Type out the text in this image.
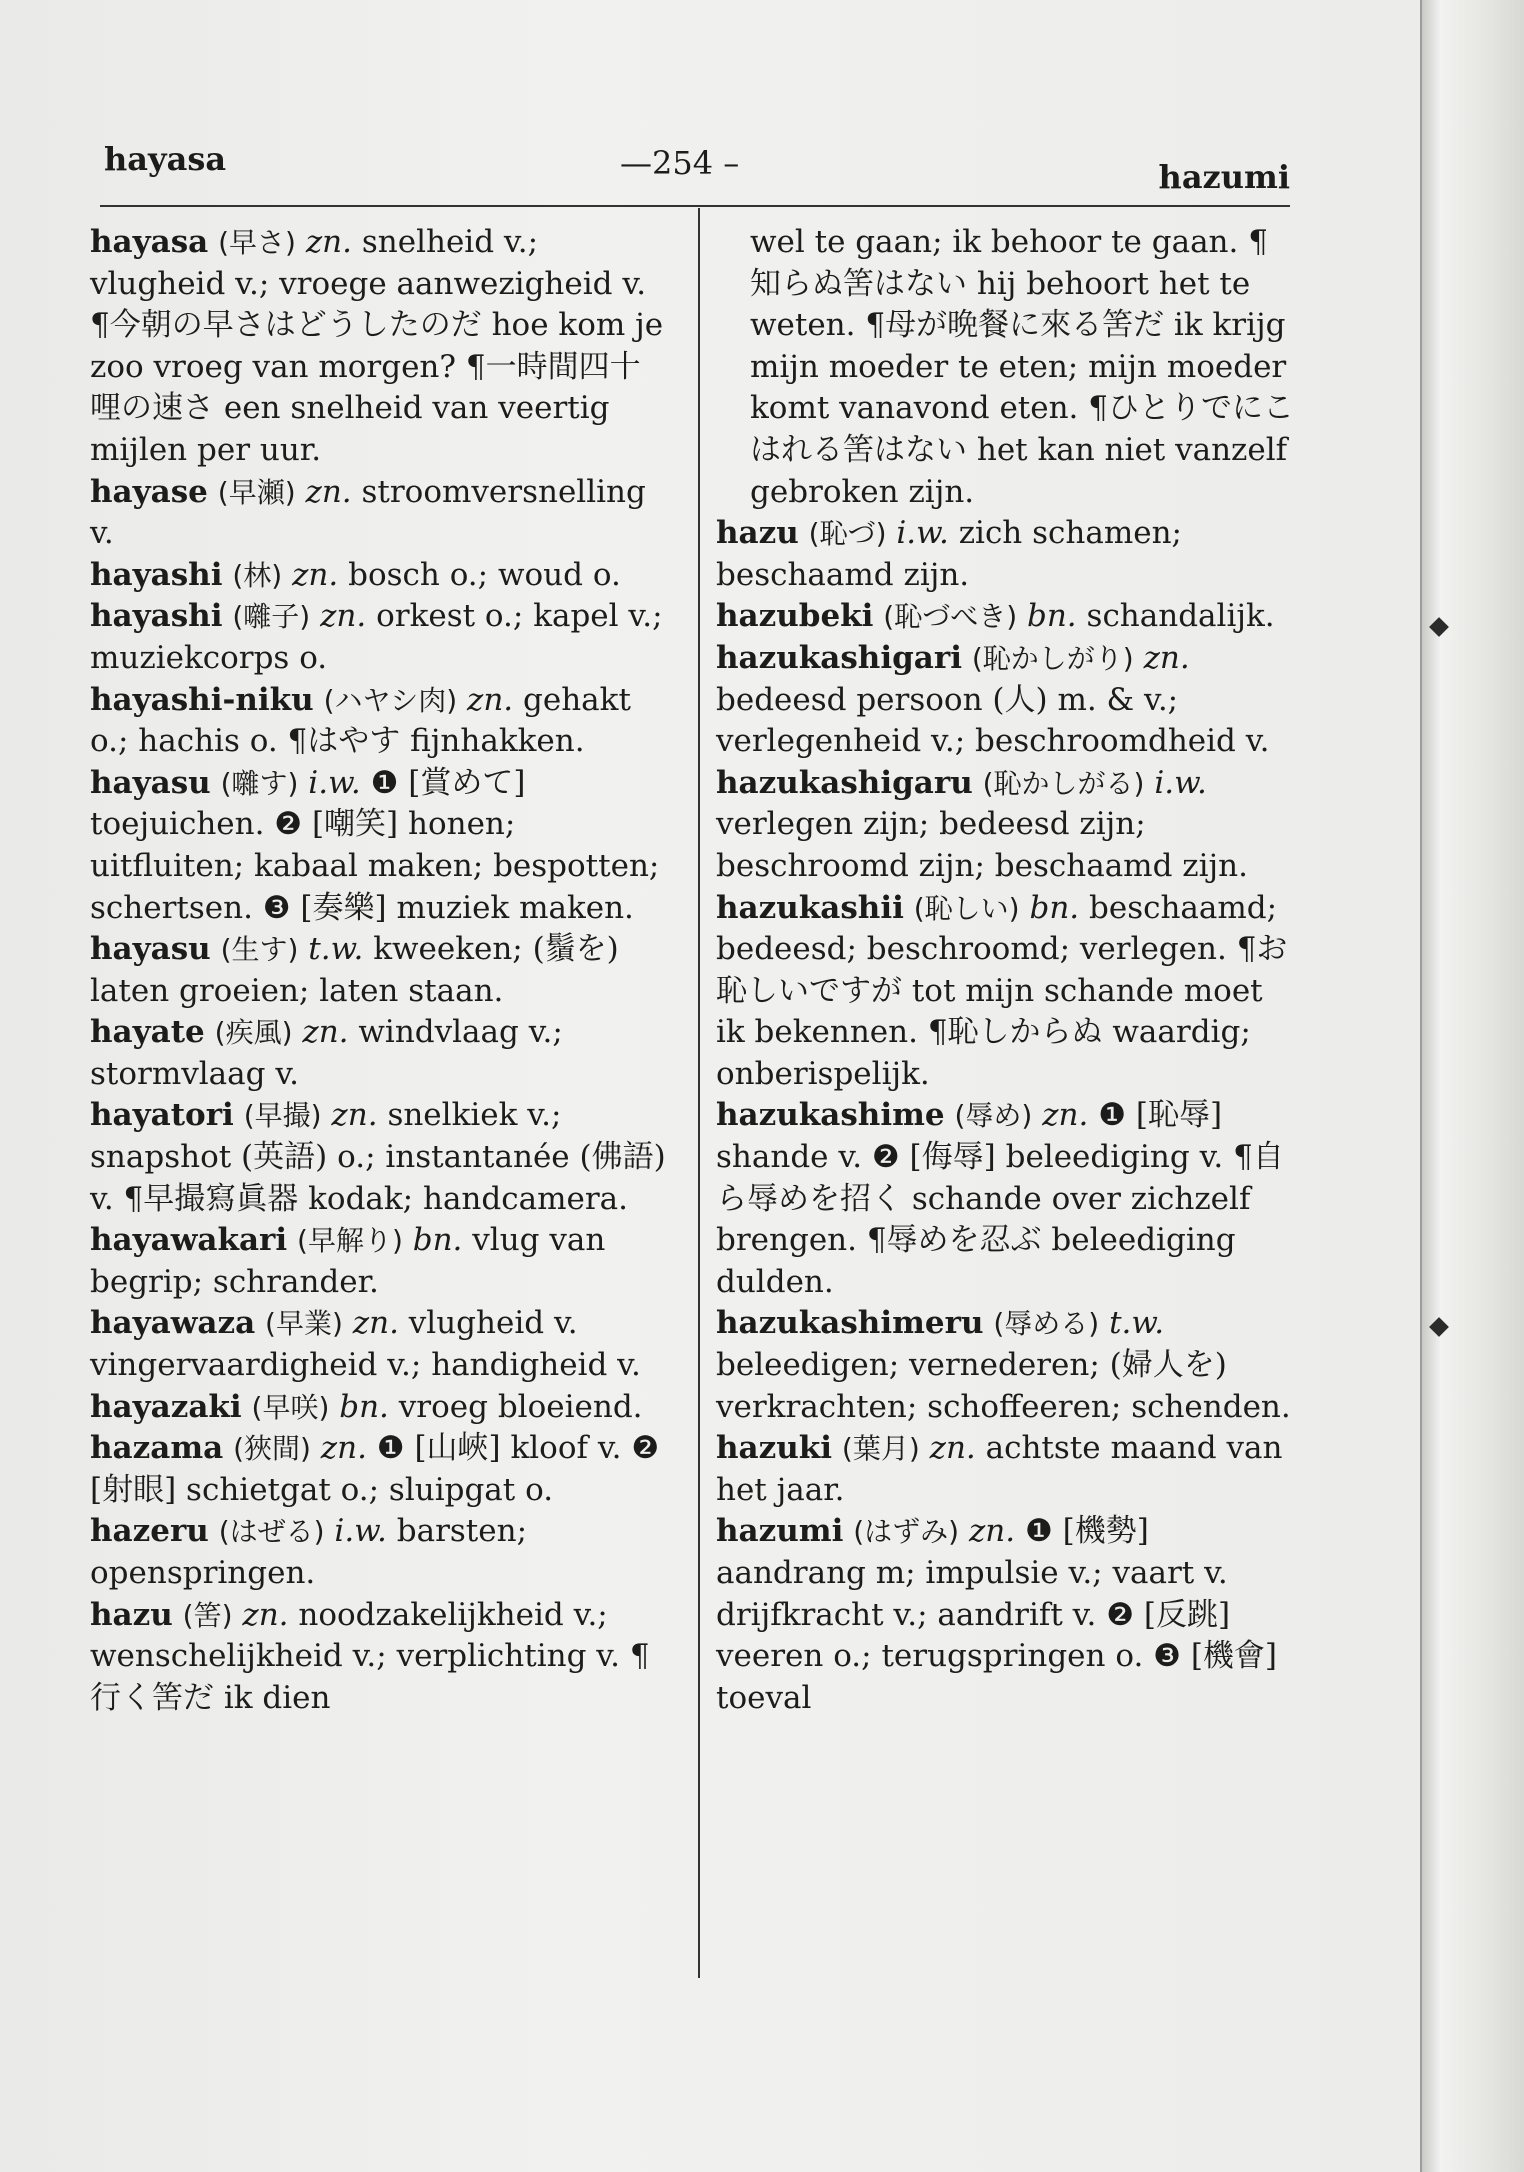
hayasa	—254 –	hazumi

hayasa (早さ) zn. snelheid v.; vlugheid v.; vroege aanwezigheid v. ¶今朝の早さはどうしたのだ hoe kom je zoo vroeg van morgen? ¶一時間四十哩の速さ een snelheid van veertig mijlen per uur.

hayase (早瀬) zn. stroomversnelling v.

hayashi (林) zn. bosch o.; woud o.

hayashi (囃子) zn. orkest o.; kapel v.; muziekcorps o.

hayashi-niku (ハヤシ肉) zn. gehakt o.; hachis o. ¶はやす fijnhakken.

hayasu (囃す) i.w. ❶ [賞めて] toejuichen. ❷ [嘲笑] honen; uitfluiten; kabaal maken; bespotten; schertsen. ❸ [奏樂] muziek maken.

hayasu (生す) t.w. kweeken; (鬚を) laten groeien; laten staan.

hayate (疾風) zn. windvlaag v.; stormvlaag v.

hayatori (早撮) zn. snelkiek v.; snapshot (英語) o.; instantanée (佛語) v. ¶早撮寫眞器 kodak; handcamera.

hayawakari (早解り) bn. vlug van begrip; schrander.

hayawaza (早業) zn. vlugheid v. vingervaardigheid v.; handigheid v.

hayazaki (早咲) bn. vroeg bloeiend.

hazama (狹間) zn. ❶ [山峽] kloof v. ❷ [射眼] schietgat o.; sluipgat o.

hazeru (はぜる) i.w. barsten; openspringen.

hazu (筈) zn. noodzakelijkheid v.; wenschelijkheid v.; verplichting v. ¶行く筈だ ik dien

wel te gaan; ik behoor te gaan. ¶知らぬ筈はない hij behoort het te weten. ¶母が晩餐に來る筈だ ik krijg mijn moeder te eten; mijn moeder komt vanavond eten. ¶ひとりでにこはれる筈はない het kan niet vanzelf gebroken zijn.

hazu (恥づ) i.w. zich schamen; beschaamd zijn.

hazubeki (恥づべき) bn. schandalijk.

hazukashigari (恥かしがり) zn. bedeesd persoon (人) m. & v.; verlegenheid v.; beschroomdheid v.

hazukashigaru (恥かしがる) i.w. verlegen zijn; bedeesd zijn; beschroomd zijn; beschaamd zijn.

hazukashii (恥しい) bn. beschaamd; bedeesd; beschroomd; verlegen. ¶お恥しいですが tot mijn schande moet ik bekennen. ¶恥しからぬ waardig; onberispelijk.

hazukashime (辱め) zn. ❶ [恥辱] shande v. ❷ [侮辱] beleediging v. ¶自ら辱めを招く schande over zichzelf brengen. ¶辱めを忍ぶ beleediging dulden.

hazukashimeru (辱める) t.w. beleedigen; vernederen; (婦人を) verkrachten; schoffeeren; schenden.

hazuki (葉月) zn. achtste maand van het jaar.

hazumi (はずみ) zn. ❶ [機勢] aandrang m; impulsie v.; vaart v. drijfkracht v.; aandrift v. ❷ [反跳] veeren o.; terugspringen o. ❸ [機會] toeval
